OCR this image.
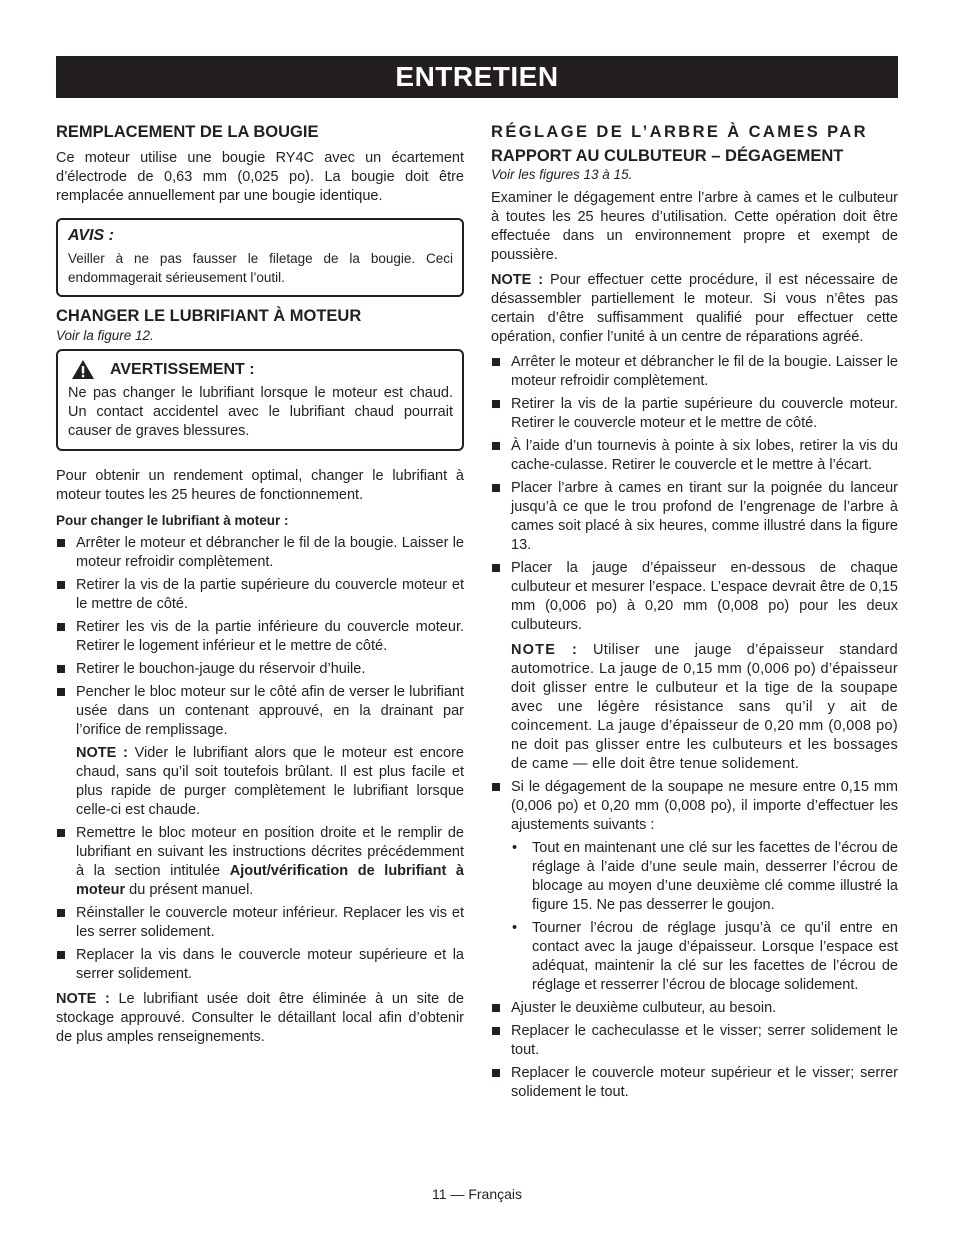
ENTRETIEN
REMPLACEMENT DE LA BOUGIE

Ce moteur utilise une bougie RY4C avec un écartement d’électrode de 0,63 mm (0,025 po). La bougie doit être remplacée annuellement par une bougie identique.

AVIS :

Veiller à ne pas fausser le filetage de la bougie. Ceci endommagerait sérieusement l’outil.

CHANGER LE LUBRIFIANT À MOTEUR
Voir la figure 12.
AVERTISSEMENT :

Ne pas changer le lubrifiant lorsque le moteur est chaud. Un contact accidentel avec le lubrifiant chaud pourrait causer de graves blessures.

Pour obtenir un rendement optimal, changer le lubrifiant à moteur toutes les 25 heures de fonctionnement.

Pour changer le lubrifiant à moteur :

Arrêter le moteur et débrancher le fil de la bougie. Laisser le moteur refroidir complètement.
Retirer la vis de la partie supérieure du couvercle moteur et le mettre de côté.
Retirer les vis de la partie inférieure du couvercle moteur. Retirer le logement inférieur et le mettre de côté.
Retirer le bouchon-jauge du réservoir d’huile.
Pencher le bloc moteur sur le côté afin de verser le lubrifiant usée dans un contenant approuvé, en la drainant par l’orifice de remplissage.
NOTE : Vider le lubrifiant alors que le moteur est encore chaud, sans qu’il soit toutefois brûlant. Il est plus facile et plus rapide de purger complètement le lubrifiant lorsque celle-ci est chaude.
Remettre le bloc moteur en position droite et le remplir de lubrifiant en suivant les instructions décrites précédemment à la section intitulée Ajout/vérification de lubrifiant à moteur du présent manuel.
Réinstaller le couvercle moteur inférieur. Replacer les vis et les serrer solidement.
Replacer la vis dans le couvercle moteur supérieure et la serrer solidement.

NOTE : Le lubrifiant usée doit être éliminée à un site de stockage approuvé. Consulter le détaillant local afin d’obtenir de plus amples renseignements.

RÉGLAGE DE L’ARBRE À CAMES PAR
RAPPORT AU CULBUTEUR – DÉGAGEMENT
Voir les figures 13 à 15.

Examiner le dégagement entre l’arbre à cames et le culbuteur à toutes les 25 heures d’utilisation. Cette opération doit être effectuée dans un environnement propre et exempt de poussière.

NOTE : Pour effectuer cette procédure, il est nécessaire de désassembler partiellement le moteur. Si vous n’êtes pas certain d’être suffisamment qualifié pour effectuer cette opération, confier l’unité à un centre de réparations agréé.

Arrêter le moteur et débrancher le fil de la bougie. Laisser le moteur refroidir complètement.
Retirer la vis de la partie supérieure du couvercle moteur. Retirer le couvercle moteur et le mettre de côté.
À l’aide d’un tournevis à pointe à six lobes, retirer la vis du cache-culasse. Retirer le couvercle et le mettre à l’écart.
Placer l’arbre à cames en tirant sur la poignée du lanceur jusqu’à ce que le trou profond de l’engrenage de l’arbre à cames soit placé à six heures, comme illustré dans la figure 13.
Placer la jauge d’épaisseur en-dessous de chaque culbuteur et mesurer l’espace. L’espace devrait être de 0,15 mm (0,006 po) à 0,20 mm (0,008 po) pour les deux culbuteurs.
NOTE : Utiliser une jauge d’épaisseur standard automotrice. La jauge de 0,15 mm (0,006 po) d’épaisseur doit glisser entre le culbuteur et la tige de la soupape avec une légère résistance sans qu’il y ait de coincement. La jauge d’épaisseur de 0,20 mm (0,008 po) ne doit pas glisser entre les culbuteurs et les bossages de came — elle doit être tenue solidement.
Si le dégagement de la soupape ne mesure entre 0,15 mm (0,006 po) et 0,20 mm (0,008 po), il importe d’effectuer les ajustements suivants :
• Tout en maintenant une clé sur les facettes de l’écrou de réglage à l’aide d’une seule main, desserrer l’écrou de blocage au moyen d’une deuxième clé comme illustré la figure 15. Ne pas desserrer le goujon.
• Tourner l’écrou de réglage jusqu’à ce qu’il entre en contact avec la jauge d’épaisseur. Lorsque l’espace est adéquat, maintenir la clé sur les facettes de l’écrou de réglage et resserrer l’écrou de blocage solidement.
Ajuster le deuxième culbuteur, au besoin.
Replacer le cacheculasse et le visser; serrer solidement le tout.
Replacer le couvercle moteur supérieur et le visser; serrer solidement le tout.
11 — Français
